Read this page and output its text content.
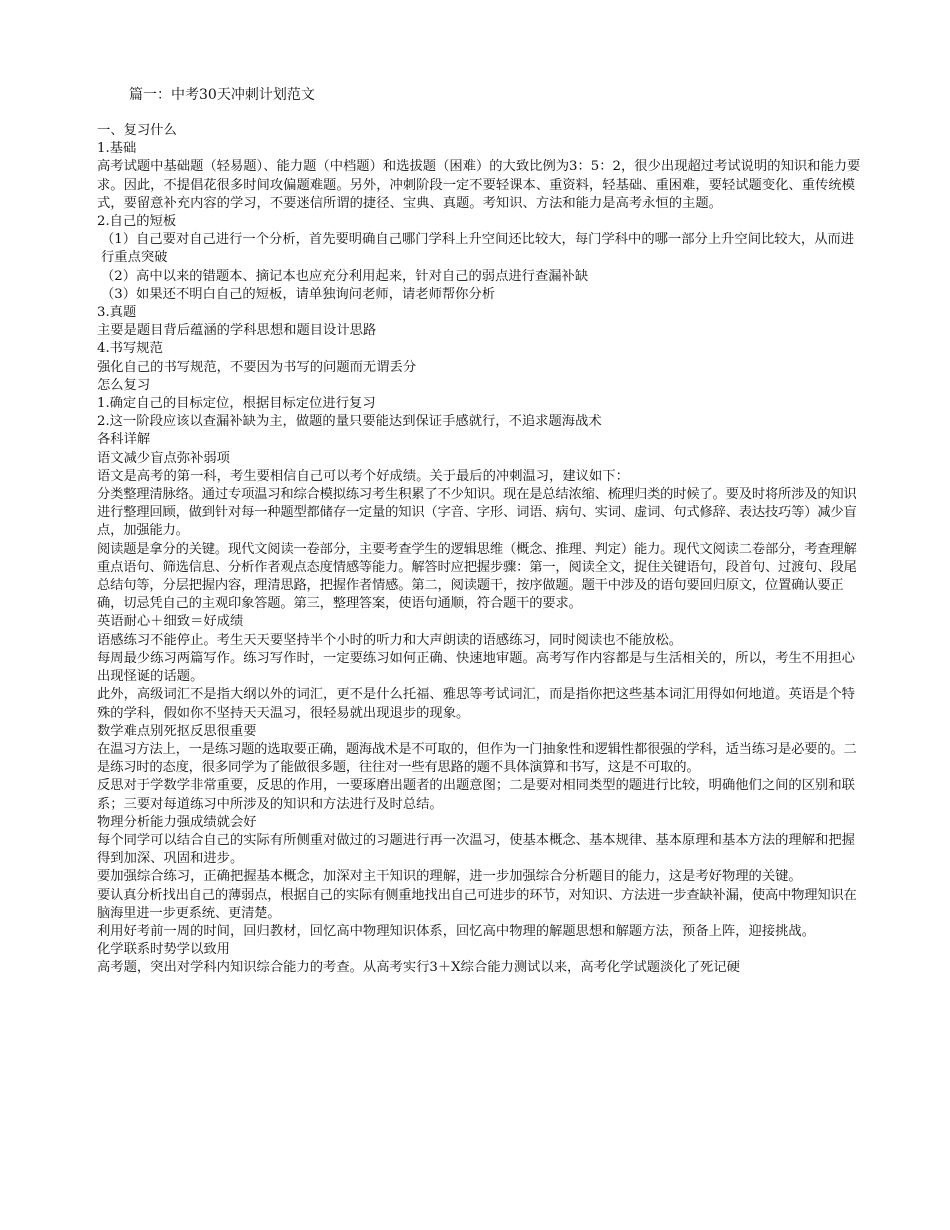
篇一：中考30天冲刺计划范文

一、复习什么

1.基础

高考试题中基础题（轻易题）、能力题（中档题）和选拔题（困难）的大致比例为3：5：2，很少出现超过考试说明的知识和能力要求。因此，不提倡花很多时间攻偏题难题。另外，冲刺阶段一定不要轻课本、重资料，轻基础、重困难，要轻试题变化、重传统模式，要留意补充内容的学习，不要迷信所谓的捷径、宝典、真题。考知识、方法和能力是高考永恒的主题。

2.自己的短板

（1）自己要对自己进行一个分析，首先要明确自己哪门学科上升空间还比较大，每门学科中的哪一部分上升空间比较大，从而进行重点突破

（2）高中以来的错题本、摘记本也应充分利用起来，针对自己的弱点进行查漏补缺

（3）如果还不明白自己的短板，请单独询问老师，请老师帮你分析

3.真题

主要是题目背后蕴涵的学科思想和题目设计思路

4.书写规范

强化自己的书写规范，不要因为书写的问题而无谓丢分

怎么复习

1.确定自己的目标定位，根据目标定位进行复习

2.这一阶段应该以查漏补缺为主，做题的量只要能达到保证手感就行，不追求题海战术

各科详解

语文减少盲点弥补弱项

语文是高考的第一科，考生要相信自己可以考个好成绩。关于最后的冲刺温习，建议如下：

分类整理清脉络。通过专项温习和综合模拟练习考生积累了不少知识。现在是总结浓缩、梳理归类的时候了。要及时将所涉及的知识进行整理回顾，做到针对每一种题型都储存一定量的知识（字音、字形、词语、病句、实词、虚词、句式修辞、表达技巧等）减少盲点，加强能力。

阅读题是拿分的关键。现代文阅读一卷部分，主要考查学生的逻辑思维（概念、推理、判定）能力。现代文阅读二卷部分，考查理解重点语句、筛选信息、分析作者观点态度情感等能力。解答时应把握步骤：第一，阅读全文，捉住关键语句，段首句、过渡句、段尾总结句等，分层把握内容，理清思路，把握作者情感。第二，阅读题干，按序做题。题干中涉及的语句要回归原文，位置确认要正确，切忌凭自己的主观印象答题。第三，整理答案，使语句通顺，符合题干的要求。

英语耐心＋细致＝好成绩

语感练习不能停止。考生天天要坚持半个小时的听力和大声朗读的语感练习，同时阅读也不能放松。

每周最少练习两篇写作。练习写作时，一定要练习如何正确、快速地审题。高考写作内容都是与生活相关的，所以，考生不用担心出现怪诞的话题。

此外，高级词汇不是指大纲以外的词汇，更不是什么托福、雅思等考试词汇，而是指你把这些基本词汇用得如何地道。英语是个特殊的学科，假如你不坚持天天温习，很轻易就出现退步的现象。

数学难点别死抠反思很重要

在温习方法上，一是练习题的选取要正确，题海战术是不可取的，但作为一门抽象性和逻辑性都很强的学科，适当练习是必要的。二是练习时的态度，很多同学为了能做很多题，往往对一些有思路的题不具体演算和书写，这是不可取的。

反思对于学数学非常重要，反思的作用，一要琢磨出题者的出题意图；二是要对相同类型的题进行比较，明确他们之间的区别和联系；三要对每道练习中所涉及的知识和方法进行及时总结。

物理分析能力强成绩就会好

每个同学可以结合自己的实际有所侧重对做过的习题进行再一次温习，使基本概念、基本规律、基本原理和基本方法的理解和把握得到加深、巩固和进步。

要加强综合练习，正确把握基本概念，加深对主干知识的理解，进一步加强综合分析题目的能力，这是考好物理的关键。

要认真分析找出自己的薄弱点，根据自己的实际有侧重地找出自己可进步的环节，对知识、方法进一步查缺补漏，使高中物理知识在脑海里进一步更系统、更清楚。

利用好考前一周的时间，回归教材，回忆高中物理知识体系，回忆高中物理的解题思想和解题方法，预备上阵，迎接挑战。

化学联系时势学以致用

高考题，突出对学科内知识综合能力的考查。从高考实行3＋X综合能力测试以来，高考化学试题淡化了死记硬
